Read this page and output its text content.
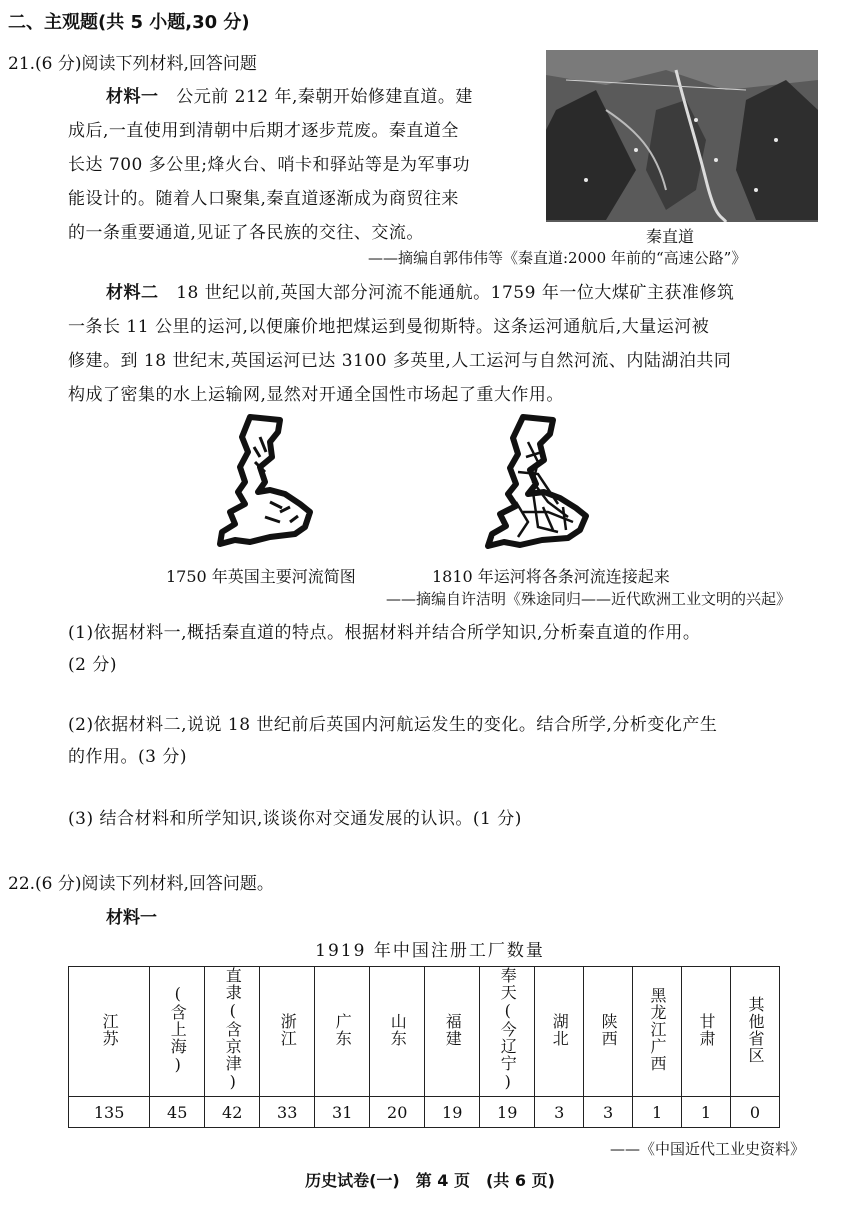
二、主观题(共 5 小题,30 分)
21.(6 分)阅读下列材料,回答问题
材料一 公元前 212 年,秦朝开始修建直道。建
成后,一直使用到清朝中后期才逐步荒废。秦直道全
长达 700 多公里;烽火台、哨卡和驿站等是为军事功
能设计的。随着人口聚集,秦直道逐渐成为商贸往来
的一条重要通道,见证了各民族的交往、交流。	秦直道
——摘编自郭伟伟等《秦直道:2000 年前的“高速公路”》
材料二 18 世纪以前,英国大部分河流不能通航。1759 年一位大煤矿主获准修筑
一条长 11 公里的运河,以便廉价地把煤运到曼彻斯特。这条运河通航后,大量运河被
修建。到 18 世纪末,英国运河已达 3100 多英里,人工运河与自然河流、内陆湖泊共同
构成了密集的水上运输网,显然对开通全国性市场起了重大作用。
1750 年英国主要河流简图	1810 年运河将各条河流连接起来
——摘编自许洁明《殊途同归——近代欧洲工业文明的兴起》
(1)依据材料一,概括秦直道的特点。根据材料并结合所学知识,分析秦直道的作用。
(2 分)
(2)依据材料二,说说 18 世纪前后英国内河航运发生的变化。结合所学,分析变化产生
的作用。(3 分)
(3) 结合材料和所学知识,谈谈你对交通发展的认识。(1 分)
22.(6 分)阅读下列材料,回答问题。
材料一
1919 年中国注册工厂数量
江苏	(含上海)	直隶(含京津)	浙江	广东	山东	福建	奉天(今辽宁)	湖北	陕西	黑龙江广西	甘肃	其他省区
135	45	42	33	31	20	19	19	3	3	1	1	0
——《中国近代工业史资料》
历史试卷(一)　第 4 页　(共 6 页)
